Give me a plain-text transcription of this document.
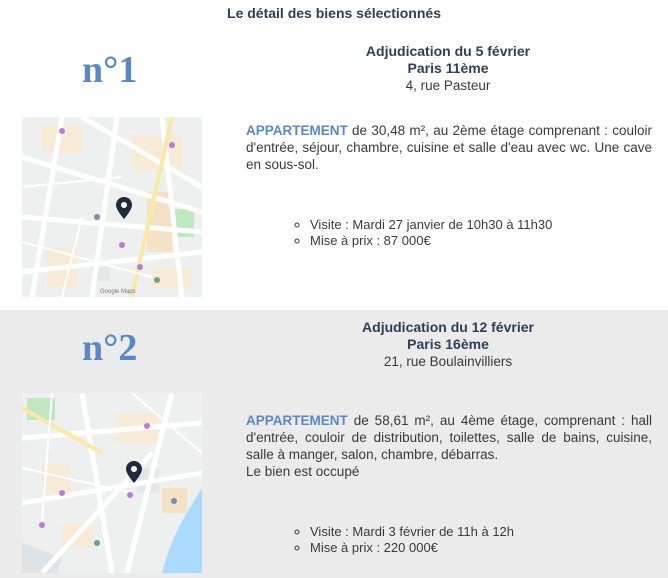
Le détail des biens sélectionnés
n°1	Adjudication du 5 février
Paris 11ème
4, rue Pasteur
Google Maps
APPARTEMENT de 30,48 m², au 2ème étage comprenant : couloir d'entrée, séjour, chambre, cuisine et salle d'eau avec wc. Une cave en sous-sol.
◦ Visite : Mardi 27 janvier de 10h30 à 11h30
◦ Mise à prix : 87 000€
n°2	Adjudication du 12 février
Paris 16ème
21, rue Boulainvilliers
APPARTEMENT de 58,61 m², au 4ème étage, comprenant : hall d'entrée, couloir de distribution, toilettes, salle de bains, cuisine, salle à manger, salon, chambre, débarras.
Le bien est occupé
◦ Visite : Mardi 3 février de 11h à 12h
◦ Mise à prix : 220 000€
